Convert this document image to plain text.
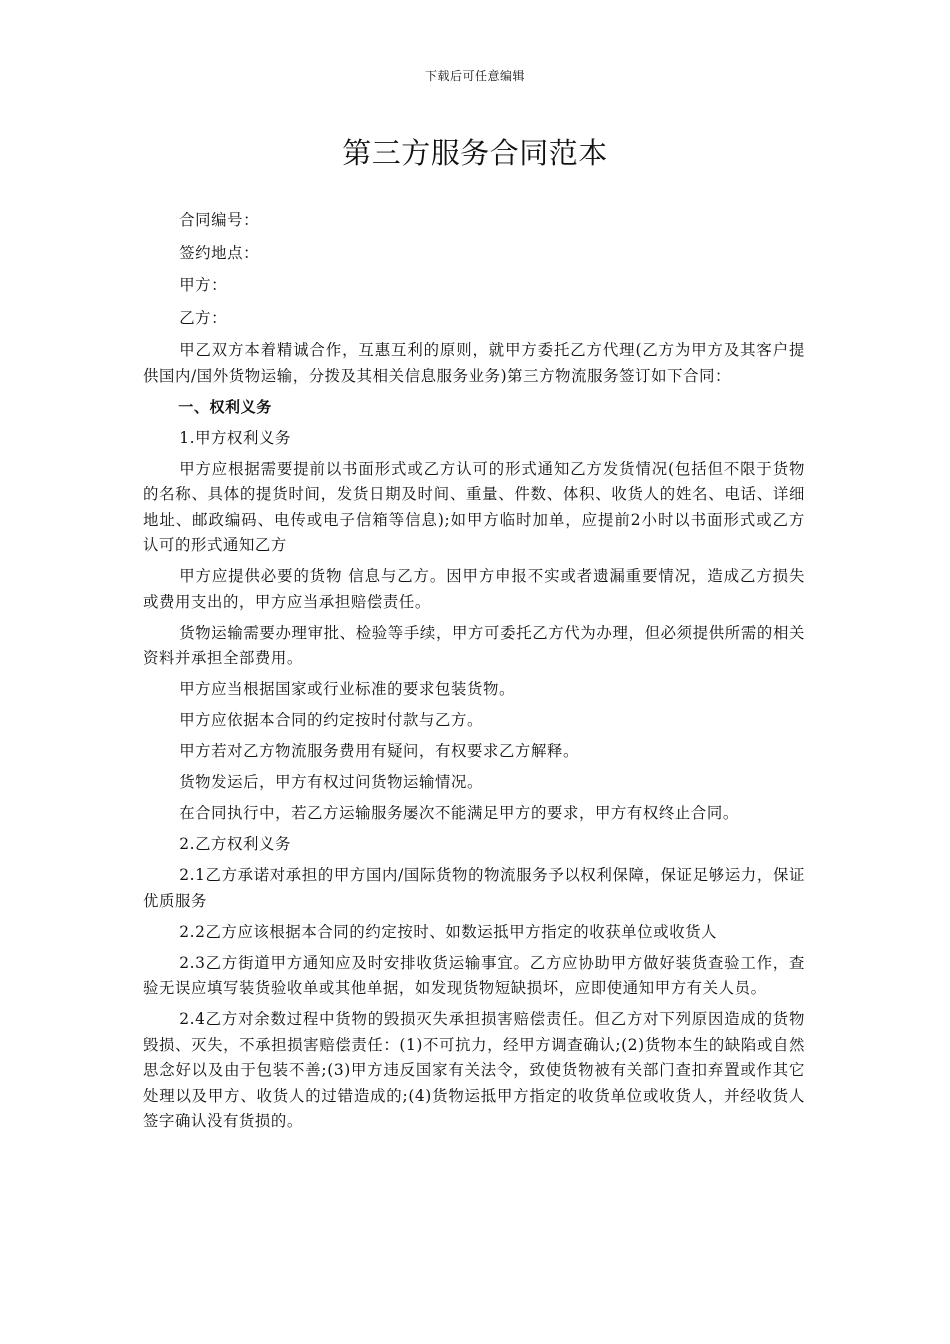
下载后可任意编辑
第三方服务合同范本

合同编号：

签约地点：

甲方：

乙方：

甲乙双方本着精诚合作，互惠互利的原则，就甲方委托乙方代理(乙方为甲方及其客户提供国内/国外货物运输，分拨及其相关信息服务业务)第三方物流服务签订如下合同：

一、权利义务

1.甲方权利义务

甲方应根据需要提前以书面形式或乙方认可的形式通知乙方发货情况(包括但不限于货物的名称、具体的提货时间，发货日期及时间、重量、件数、体积、收货人的姓名、电话、详细地址、邮政编码、电传或电子信箱等信息);如甲方临时加单，应提前2小时以书面形式或乙方认可的形式通知乙方

甲方应提供必要的货物 信息与乙方。因甲方申报不实或者遗漏重要情况，造成乙方损失或费用支出的，甲方应当承担赔偿责任。

货物运输需要办理审批、检验等手续，甲方可委托乙方代为办理，但必须提供所需的相关资料并承担全部费用。

甲方应当根据国家或行业标准的要求包装货物。

甲方应依据本合同的约定按时付款与乙方。

甲方若对乙方物流服务费用有疑问，有权要求乙方解释。

货物发运后，甲方有权过问货物运输情况。

在合同执行中，若乙方运输服务屡次不能满足甲方的要求，甲方有权终止合同。

2.乙方权利义务

2.1乙方承诺对承担的甲方国内/国际货物的物流服务予以权利保障，保证足够运力，保证优质服务

2.2乙方应该根据本合同的约定按时、如数运抵甲方指定的收获单位或收货人

2.3乙方街道甲方通知应及时安排收货运输事宜。乙方应协助甲方做好装货查验工作，查验无误应填写装货验收单或其他单据，如发现货物短缺损坏，应即使通知甲方有关人员。

2.4乙方对余数过程中货物的毁损灭失承担损害赔偿责任。但乙方对下列原因造成的货物毁损、灭失，不承担损害赔偿责任：(1)不可抗力，经甲方调查确认;(2)货物本生的缺陷或自然思念好以及由于包装不善;(3)甲方违反国家有关法令，致使货物被有关部门查扣弃置或作其它处理以及甲方、收货人的过错造成的;(4)货物运抵甲方指定的收货单位或收货人，并经收货人签字确认没有货损的。
